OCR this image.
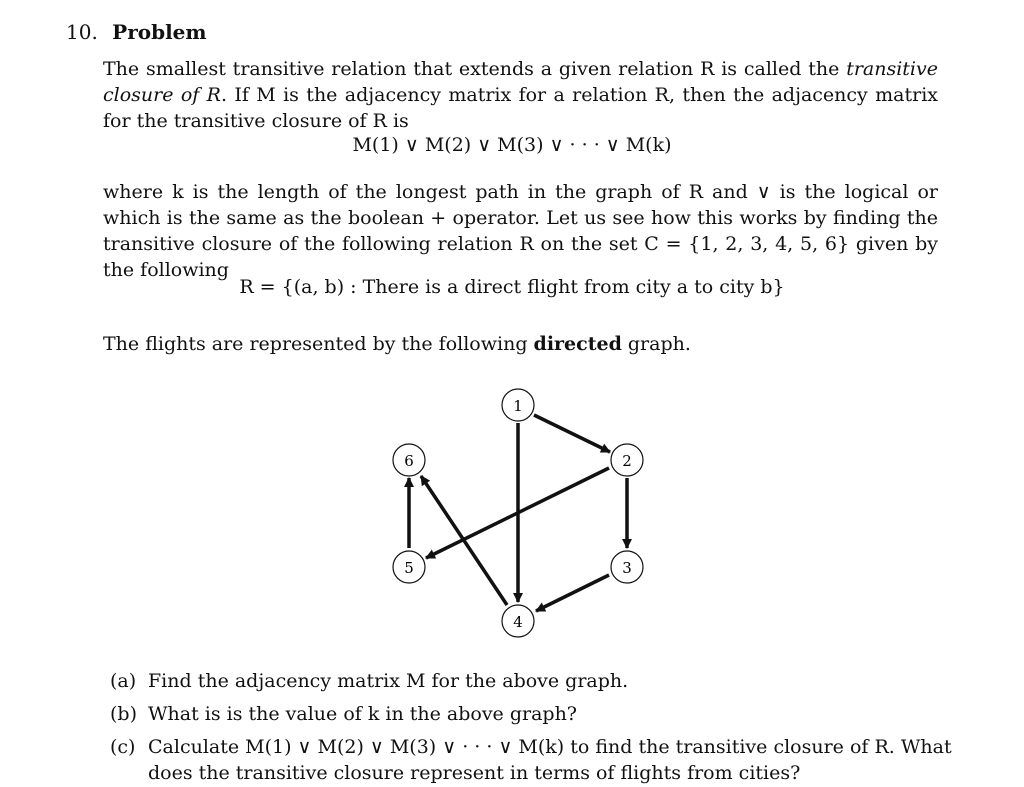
10. Problem
The smallest transitive relation that extends a given relation R is called the transitive closure of R. If M is the adjacency matrix for a relation R, then the adjacency matrix for the transitive closure of R is
M(1) ∨ M(2) ∨ M(3) ∨ · · · ∨ M(k)
where k is the length of the longest path in the graph of R and ∨ is the logical or which is the same as the boolean + operator. Let us see how this works by finding the transitive closure of the following relation R on the set C = {1, 2, 3, 4, 5, 6} given by the following
R = {(a, b) : There is a direct flight from city a to city b}
The flights are represented by the following directed graph.
1
2
3
4
5
6
(a) Find the adjacency matrix M for the above graph.
(b) What is is the value of k in the above graph?
(c) Calculate M(1) ∨ M(2) ∨ M(3) ∨ · · · ∨ M(k) to find the transitive closure of R. What
does the transitive closure represent in terms of flights from cities?
